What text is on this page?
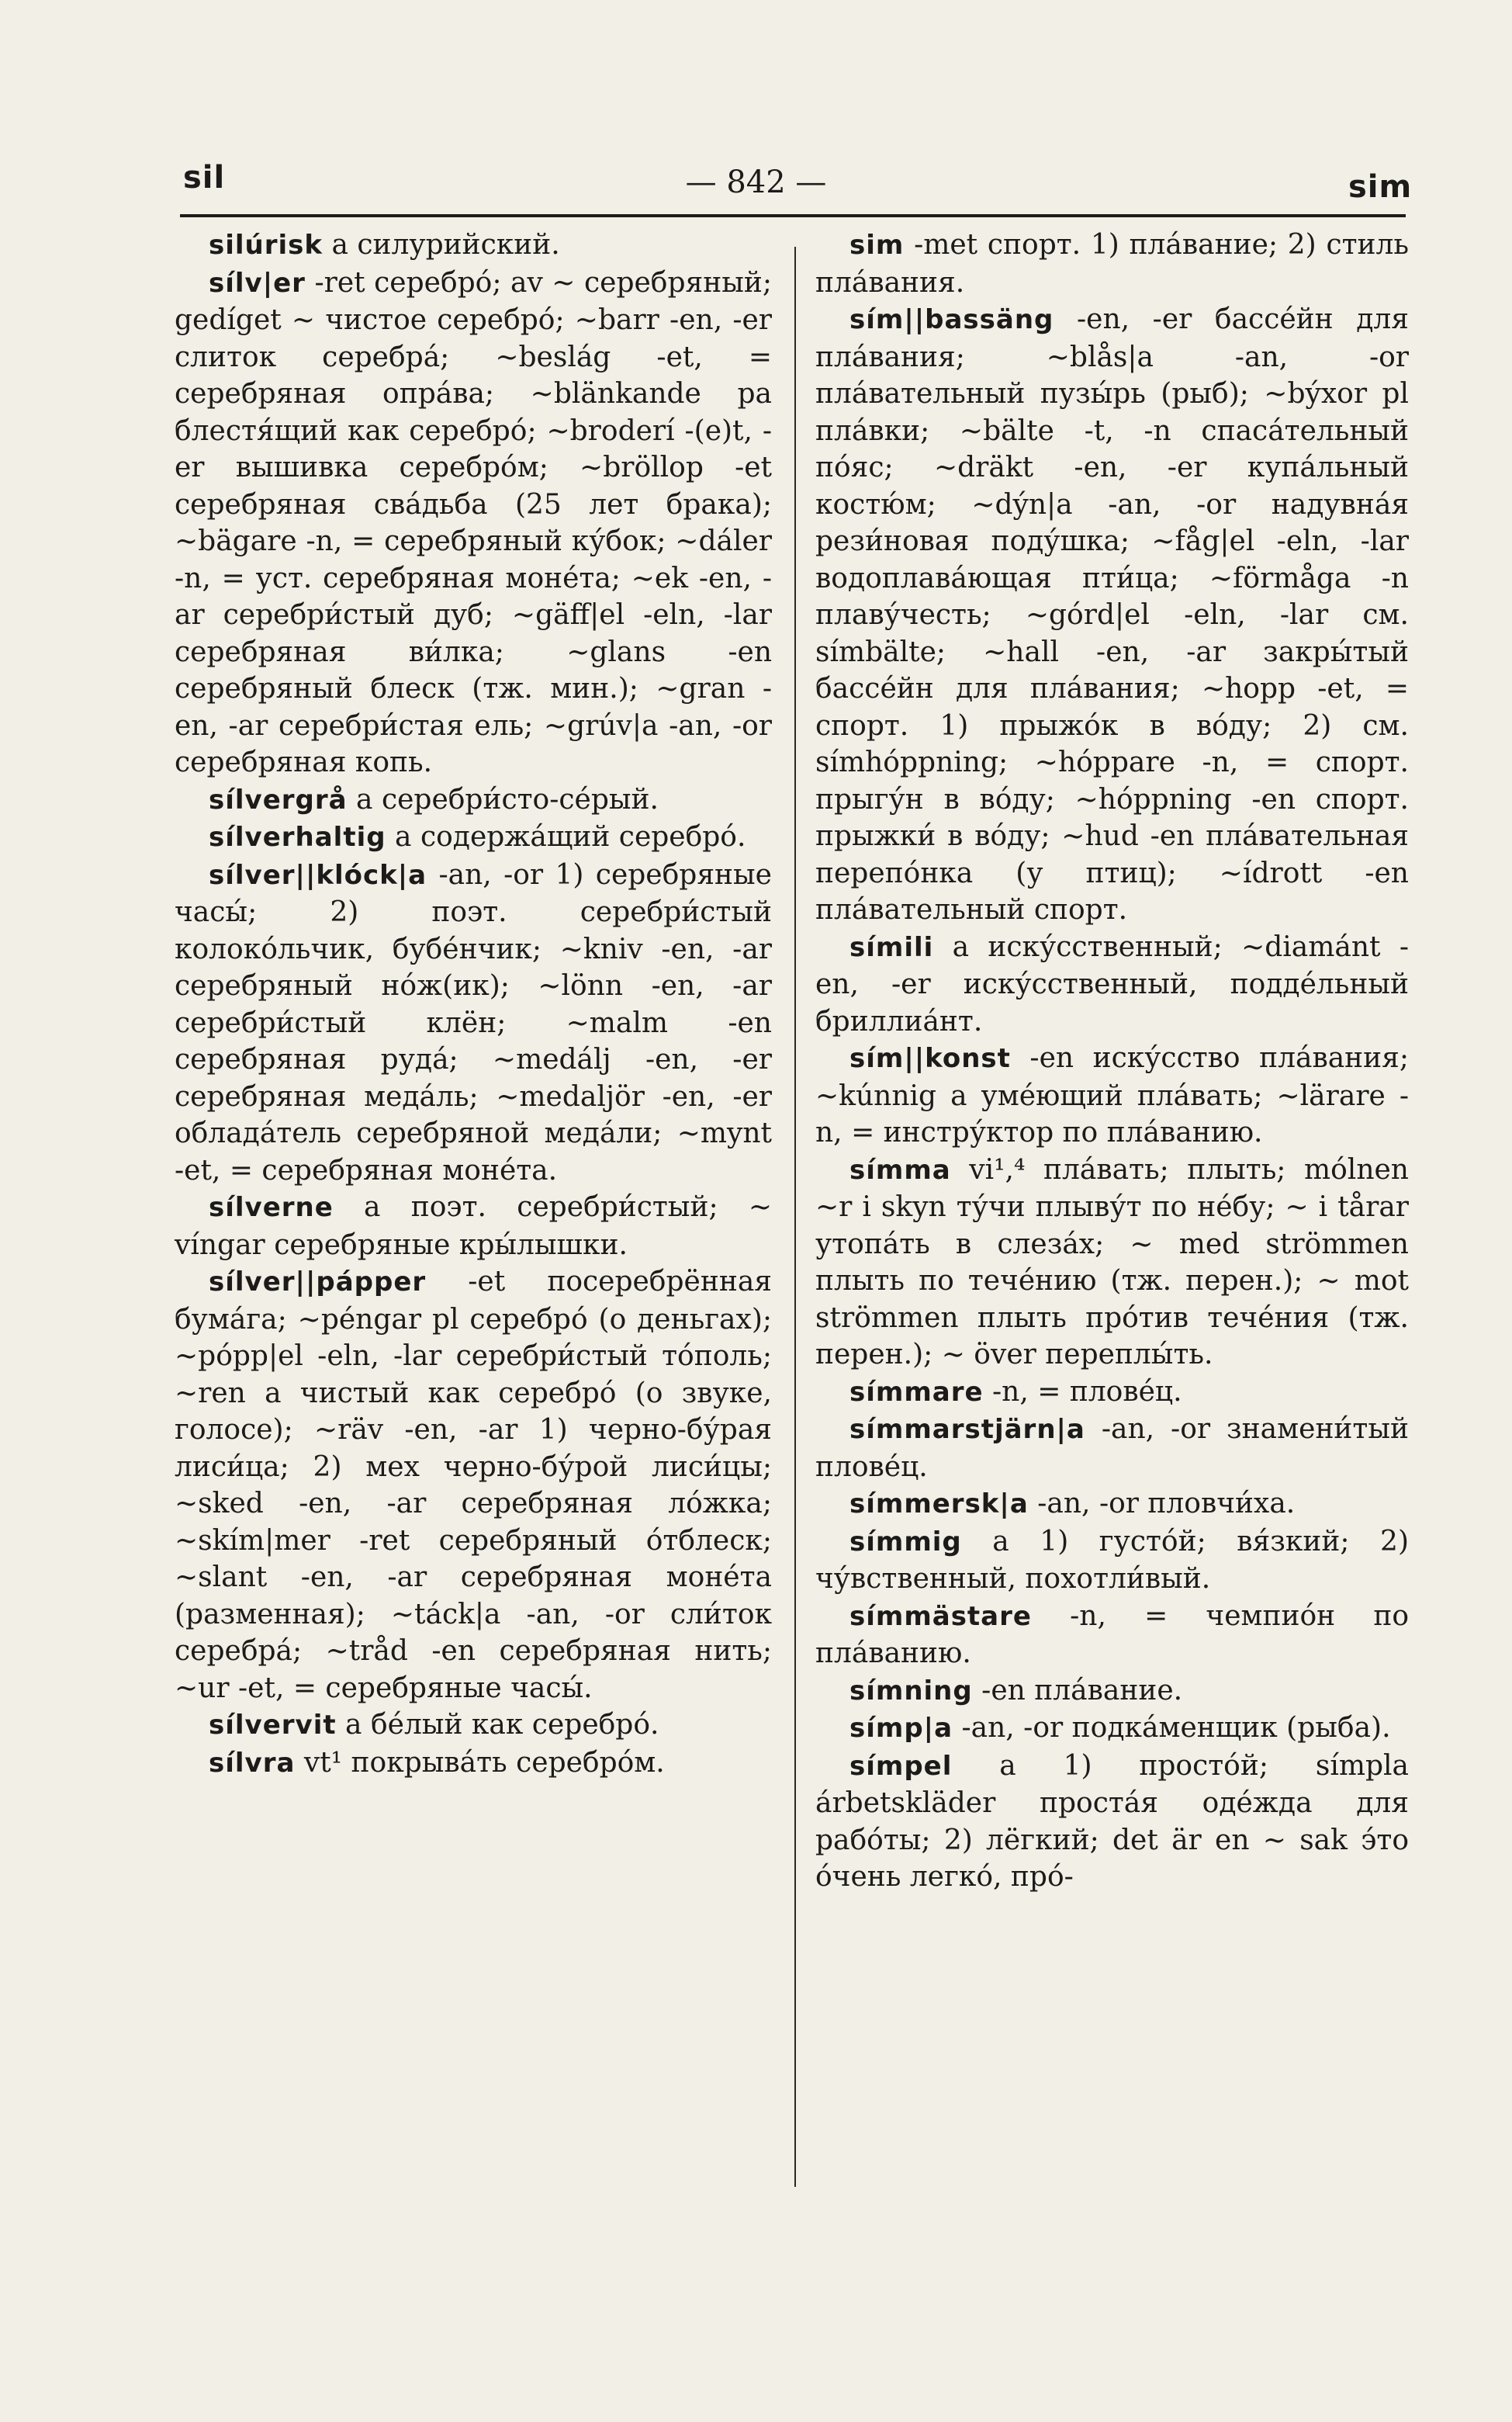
sil	— 842 —	sim

silúrisk a силурийский.

sílv|er -ret серебро́; av ~ серебряный; gedíget ~ чистое серебро́; ~barr -en, -er слиток серебра́; ~beslág -et, = серебряная опра́ва; ~blänkande pa блестя́щий как серебро́; ~broderí -(e)t, -er вышивка серебро́м; ~bröllop -et серебряная сва́дьба (25 лет брака); ~bägare -n, = серебряный ку́бок; ~dáler -n, = уст. серебряная моне́та; ~ek -en, -ar серебри́стый дуб; ~gäff|el -eln, -lar серебряная ви́лка; ~glans -en серебряный блеск (тж. мин.); ~gran -en, -ar серебри́стая ель; ~grúv|a -an, -or серебряная копь.

sílvergrå a серебри́сто-се́рый.

sílverhaltig a содержа́щий серебро́.

sílver||klóck|a -an, -or 1) серебряные часы́; 2) поэт. серебри́стый колоко́льчик, бубе́нчик; ~kniv -en, -ar серебряный но́ж(ик); ~lönn -en, -ar серебри́стый клён; ~malm -en серебряная руда́; ~medálj -en, -er серебряная меда́ль; ~medaljör -en, -er облада́тель серебряной меда́ли; ~mynt -et, = серебряная моне́та.

sílverne a поэт. серебри́стый; ~ víngar серебряные кры́лышки.

sílver||pápper -et посеребрённая бума́га; ~péngar pl серебро́ (о деньгах); ~pópp|el -eln, -lar серебри́стый то́поль; ~ren a чистый как серебро́ (о звуке, голосе); ~räv -en, -ar 1) черно-бу́рая лиси́ца; 2) мех черно-бу́рой лиси́цы; ~sked -en, -ar серебряная ло́жка; ~skím|mer -ret серебряный о́тблеск; ~slant -en, -ar серебряная моне́та (разменная); ~táck|a -an, -or сли́ток серебра́; ~tråd -en серебряная нить; ~ur -et, = серебряные часы́.

sílvervit a бе́лый как серебро́.

sílvra vt¹ покрыва́ть серебро́м.

sim -met спорт. 1) пла́вание; 2) стиль пла́вания.

sím||bassäng -en, -er бассе́йн для пла́вания; ~blås|a -an, -or пла́вательный пузы́рь (рыб); ~býxor pl пла́вки; ~bälte -t, -n спаса́тельный по́яс; ~dräkt -en, -er купа́льный костю́м; ~dýn|a -an, -or надувна́я рези́новая поду́шка; ~fåg|el -eln, -lar водоплава́ющая пти́ца; ~förmåga -n плаву́честь; ~górd|el -eln, -lar см. símbälte; ~hall -en, -ar закры́тый бассе́йн для пла́вания; ~hopp -et, = спорт. 1) прыжо́к в во́ду; 2) см. símhóppning; ~hóppare -n, = спорт. прыгу́н в во́ду; ~hóppning -en спорт. прыжки́ в во́ду; ~hud -en пла́вательная перепо́нка (у птиц); ~ídrott -en пла́вательный спорт.

símili a иску́сственный; ~diamánt -en, -er иску́сственный, подде́льный бриллиа́нт.

sím||konst -en иску́сство пла́вания; ~kúnnig a уме́ющий пла́вать; ~lärare -n, = инстру́ктор по пла́ванию.

símma vi¹,⁴ пла́вать; плыть; mólnen ~r i skyn ту́чи плыву́т по не́бу; ~ i tårar утопа́ть в слеза́х; ~ med strömmen плыть по тече́нию (тж. перен.); ~ mot strömmen плыть про́тив тече́ния (тж. перен.); ~ över переплы́ть.

símmare -n, = плове́ц.

símmarstjärn|a -an, -or знамени́тый плове́ц.

símmersk|a -an, -or пловчи́ха.

símmig a 1) густо́й; вя́зкий; 2) чу́вственный, похотли́вый.

símmästare -n, = чемпио́н по пла́ванию.

símning -en пла́вание.

símp|a -an, -or подка́менщик (рыба).

símpel a 1) просто́й; símpla árbetskläder проста́я оде́жда для рабо́ты; 2) лёгкий; det är en ~ sak э́то о́чень легко́, про́-
